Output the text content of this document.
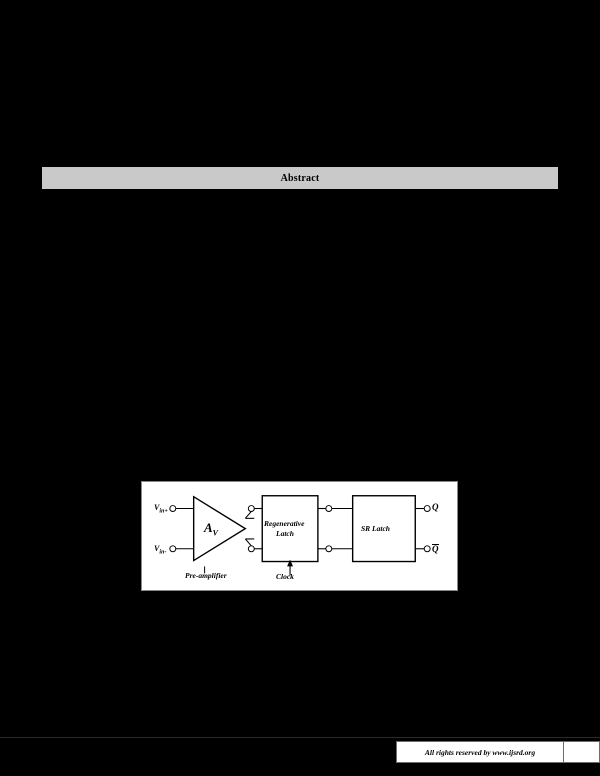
Abstract
$V_{in+}$
$V_{in-}$
$A_V$
Regenerative
Latch
SR Latch
Q
Q
Pre-amplifier	Clock
All rights reserved by www.ijsrd.org
